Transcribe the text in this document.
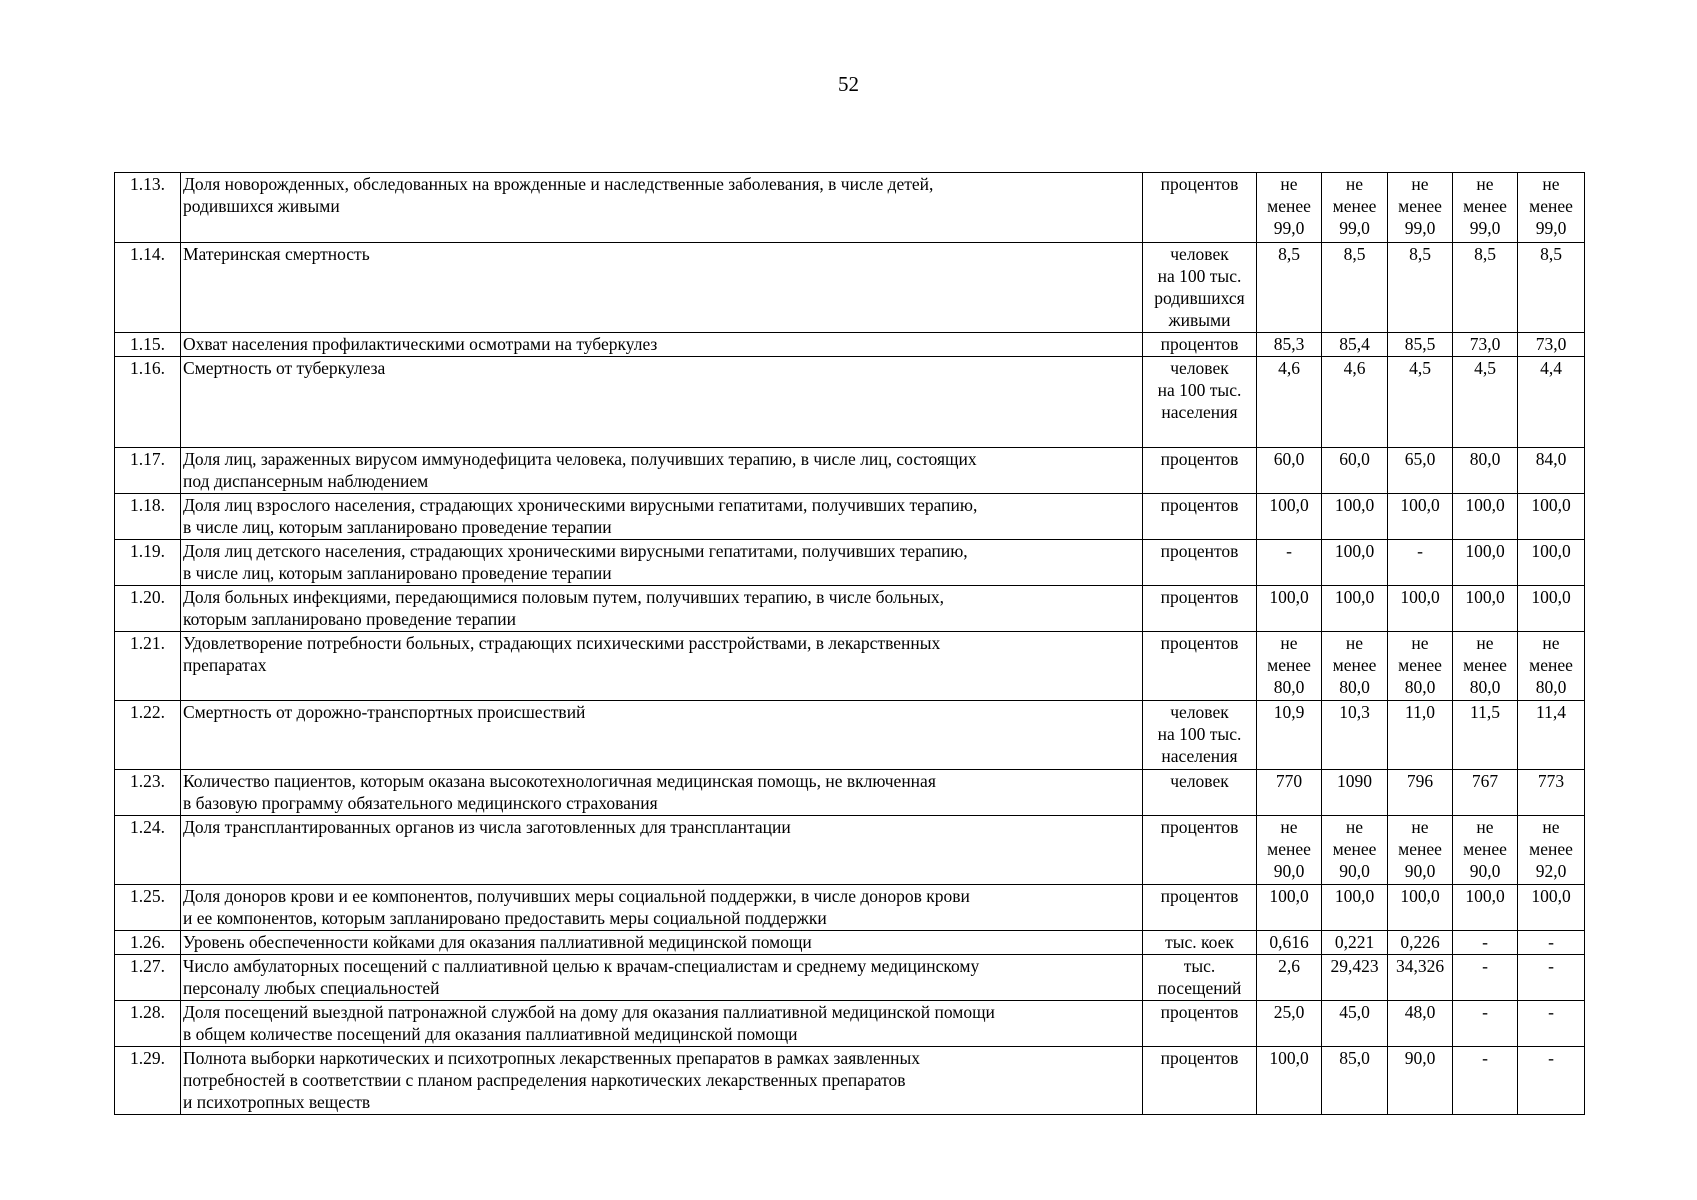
52
1.13.	Доля новорожденных, обследованных на врожденные и наследственные заболевания, в числе детей,
родившихся живыми	процентов	не
менее
99,0	не
менее
99,0	не
менее
99,0	не
менее
99,0	не
менее
99,0

1.14.	Материнская смертность	человек
на 100 тыс.
родившихся
живыми	8,5	8,5	8,5	8,5	8,5

1.15.	Охват населения профилактическими осмотрами на туберкулез	процентов	85,3	85,4	85,5	73,0	73,0

1.16.	Смертность от туберкулеза	человек
на 100 тыс.
населения	4,6	4,6	4,5	4,5	4,4

1.17.	Доля лиц, зараженных вирусом иммунодефицита человека, получивших терапию, в числе лиц, состоящих
под диспансерным наблюдением	процентов	60,0	60,0	65,0	80,0	84,0

1.18.	Доля лиц взрослого населения, страдающих хроническими вирусными гепатитами, получивших терапию,
в числе лиц, которым запланировано проведение терапии	процентов	100,0	100,0	100,0	100,0	100,0

1.19.	Доля лиц детского населения, страдающих хроническими вирусными гепатитами, получивших терапию,
в числе лиц, которым запланировано проведение терапии	процентов	-	100,0	-	100,0	100,0

1.20.	Доля больных инфекциями, передающимися половым путем, получивших терапию, в числе больных,
которым запланировано проведение терапии	процентов	100,0	100,0	100,0	100,0	100,0

1.21.	Удовлетворение потребности больных, страдающих психическими расстройствами, в лекарственных
препаратах	процентов	не
менее
80,0	не
менее
80,0	не
менее
80,0	не
менее
80,0	не
менее
80,0

1.22.	Смертность от дорожно-транспортных происшествий	человек
на 100 тыс.
населения	10,9	10,3	11,0	11,5	11,4

1.23.	Количество пациентов, которым оказана высокотехнологичная медицинская помощь, не включенная
в базовую программу обязательного медицинского страхования	человек	770	1090	796	767	773

1.24.	Доля трансплантированных органов из числа заготовленных для трансплантации	процентов	не
менее
90,0	не
менее
90,0	не
менее
90,0	не
менее
90,0	не
менее
92,0

1.25.	Доля доноров крови и ее компонентов, получивших меры социальной поддержки, в числе доноров крови
и ее компонентов, которым запланировано предоставить меры социальной поддержки	процентов	100,0	100,0	100,0	100,0	100,0

1.26.	Уровень обеспеченности койками для оказания паллиативной медицинской помощи	тыс. коек	0,616	0,221	0,226	-	-

1.27.	Число амбулаторных посещений с паллиативной целью к врачам-специалистам и среднему медицинскому
персоналу любых специальностей	тыс.
посещений	2,6	29,423	34,326	-	-

1.28.	Доля посещений выездной патронажной службой на дому для оказания паллиативной медицинской помощи
в общем количестве посещений для оказания паллиативной медицинской помощи	процентов	25,0	45,0	48,0	-	-

1.29.	Полнота выборки наркотических и психотропных лекарственных препаратов в рамках заявленных
потребностей в соответствии с планом распределения наркотических лекарственных препаратов
и психотропных веществ	процентов	100,0	85,0	90,0	-	-
